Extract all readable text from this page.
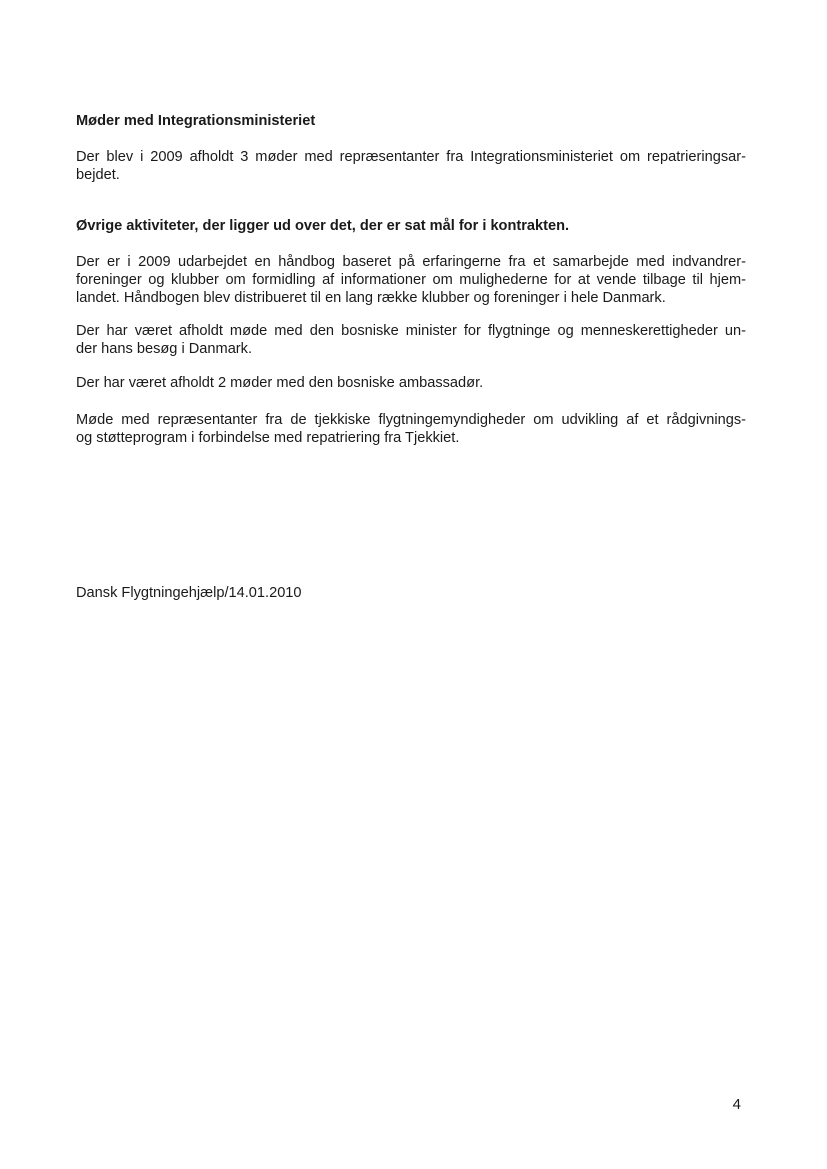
Møder med Integrationsministeriet
Der blev i 2009 afholdt 3 møder med repræsentanter fra Integrationsministeriet om repatrieringsar-
bejdet.
Øvrige aktiviteter, der ligger ud over det, der er sat mål for i kontrakten.
Der er i 2009 udarbejdet en håndbog baseret på erfaringerne fra et samarbejde med indvandrer-
foreninger og klubber om formidling af informationer om mulighederne for at vende tilbage til hjem-
landet. Håndbogen blev distribueret til en lang række klubber og foreninger i hele Danmark.
Der har været afholdt møde med den bosniske minister for flygtninge og menneskerettigheder un-
der hans besøg i Danmark.
Der har været afholdt 2 møder med den bosniske ambassadør.
Møde med repræsentanter fra de tjekkiske flygtningemyndigheder om udvikling af et rådgivnings-
og støtteprogram i forbindelse med repatriering fra Tjekkiet.
Dansk Flygtningehjælp/14.01.2010
4
